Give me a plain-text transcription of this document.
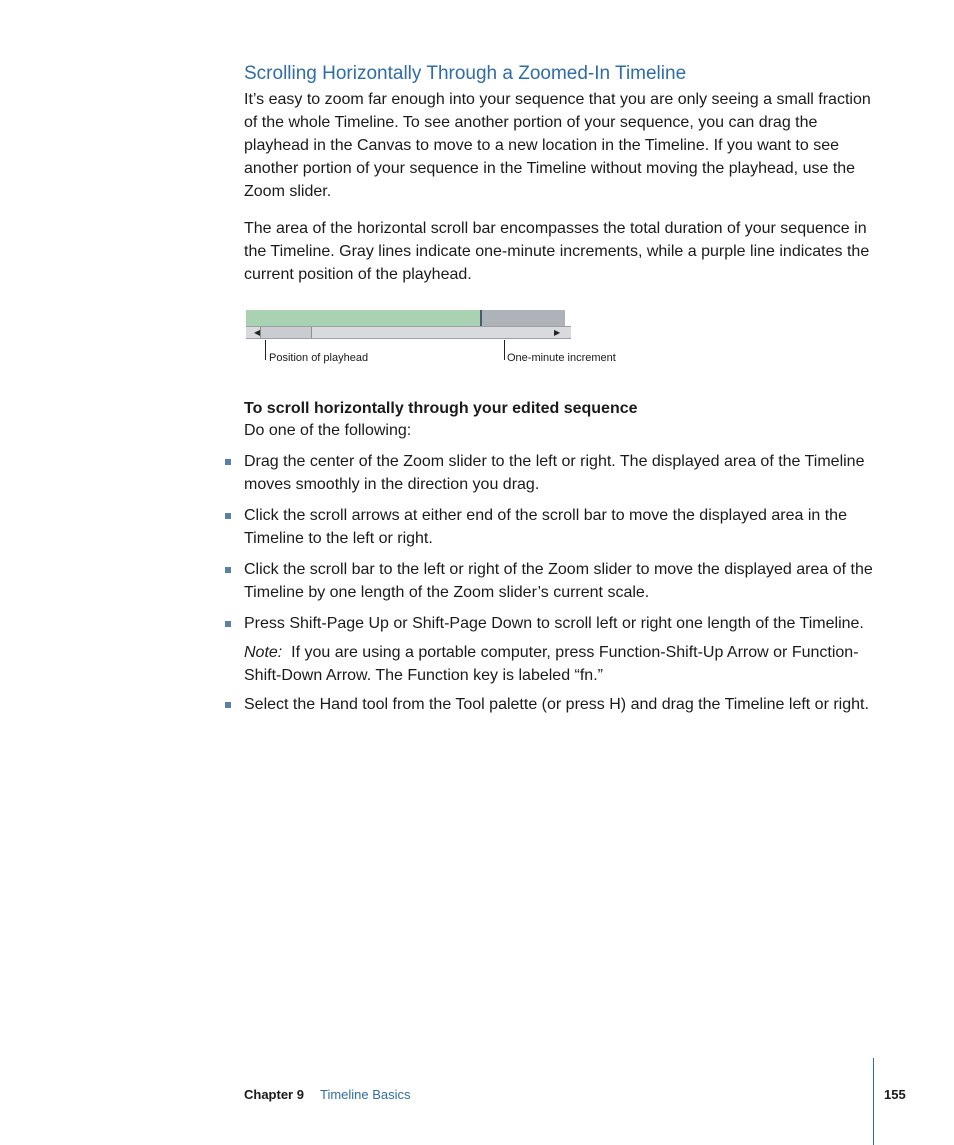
Scrolling Horizontally Through a Zoomed-In Timeline

It’s easy to zoom far enough into your sequence that you are only seeing a small fraction of the whole Timeline. To see another portion of your sequence, you can drag the playhead in the Canvas to move to a new location in the Timeline. If you want to see another portion of your sequence in the Timeline without moving the playhead, use the Zoom slider.

The area of the horizontal scroll bar encompasses the total duration of your sequence in the Timeline. Gray lines indicate one-minute increments, while a purple line indicates the current position of the playhead.

◀	▶
Position of playhead	One-minute increment
To scroll horizontally through your edited sequence
Do one of the following:
Drag the center of the Zoom slider to the left or right. The displayed area of the Timeline moves smoothly in the direction you drag.
Click the scroll arrows at either end of the scroll bar to move the displayed area in the Timeline to the left or right.
Click the scroll bar to the left or right of the Zoom slider to move the displayed area of the Timeline by one length of the Zoom slider’s current scale.
Press Shift-Page Up or Shift-Page Down to scroll left or right one length of the Timeline.
Note: If you are using a portable computer, press Function-Shift-Up Arrow or Function-Shift-Down Arrow. The Function key is labeled “fn.”
Select the Hand tool from the Tool palette (or press H) and drag the Timeline left or right.
Chapter 9 Timeline Basics	155
